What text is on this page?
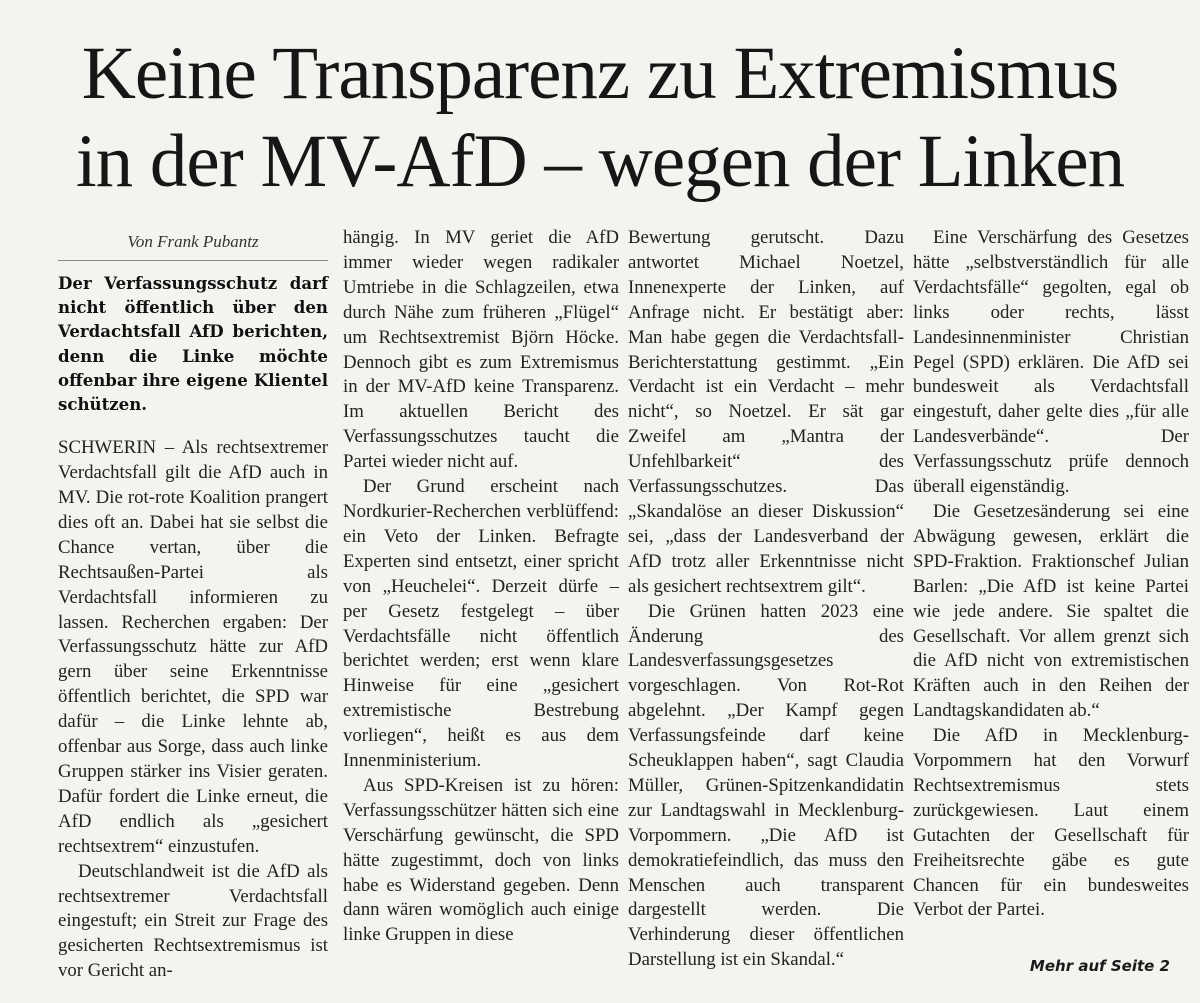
Keine Transparenz zu Extremismus
in der MV-AfD – wegen der Linken
Von Frank Pubantz
Der Verfassungsschutz darf nicht öffentlich über den Verdachtsfall AfD berichten, denn die Linke möchte offenbar ihre eigene Klientel schützen.

SCHWERIN – Als rechtsextremer Verdachtsfall gilt die AfD auch in MV. Die rot-rote Koalition prangert dies oft an. Dabei hat sie selbst die Chance vertan, über die Rechtsaußen-Partei als Verdachtsfall informieren zu lassen. Recherchen ergaben: Der Verfassungsschutz hätte zur AfD gern über seine Erkenntnisse öffentlich berichtet, die SPD war dafür – die Linke lehnte ab, offenbar aus Sorge, dass auch linke Gruppen stärker ins Visier geraten. Dafür fordert die Linke erneut, die AfD endlich als „gesichert rechtsextrem“ einzustufen.

Deutschlandweit ist die AfD als rechtsextremer Verdachtsfall eingestuft; ein Streit zur Frage des gesicherten Rechtsextremismus ist vor Gericht an-

hängig. In MV geriet die AfD immer wieder wegen radikaler Umtriebe in die Schlagzeilen, etwa durch Nähe zum früheren „Flügel“ um Rechtsextremist Björn Höcke. Dennoch gibt es zum Extremismus in der MV-AfD keine Transparenz. Im aktuellen Bericht des Verfassungsschutzes taucht die Partei wieder nicht auf.

Der Grund erscheint nach Nordkurier-Recherchen verblüffend: ein Veto der Linken. Befragte Experten sind entsetzt, einer spricht von „Heuchelei“. Derzeit dürfe – per Gesetz festgelegt – über Verdachtsfälle nicht öffentlich berichtet werden; erst wenn klare Hinweise für eine „gesichert extremistische Bestrebung vorliegen“, heißt es aus dem Innenministerium.

Aus SPD-Kreisen ist zu hören: Verfassungsschützer hätten sich eine Verschärfung gewünscht, die SPD hätte zugestimmt, doch von links habe es Widerstand gegeben. Denn dann wären womöglich auch einige linke Gruppen in diese

Bewertung gerutscht. Dazu antwortet Michael Noetzel, Innenexperte der Linken, auf Anfrage nicht. Er bestätigt aber: Man habe gegen die Verdachtsfall-Berichterstattung gestimmt. „Ein Verdacht ist ein Verdacht – mehr nicht“, so Noetzel. Er sät gar Zweifel am „Mantra der Unfehlbarkeit“ des Verfassungsschutzes. Das „Skandalöse an dieser Diskussion“ sei, „dass der Landesverband der AfD trotz aller Erkenntnisse nicht als gesichert rechtsextrem gilt“.

Die Grünen hatten 2023 eine Änderung des Landesverfassungsgesetzes vorgeschlagen. Von Rot-Rot abgelehnt. „Der Kampf gegen Verfassungsfeinde darf keine Scheuklappen haben“, sagt Claudia Müller, Grünen-Spitzenkandidatin zur Landtagswahl in Mecklenburg-Vorpommern. „Die AfD ist demokratiefeindlich, das muss den Menschen auch transparent dargestellt werden. Die Verhinderung dieser öffentlichen Darstellung ist ein Skandal.“

Eine Verschärfung des Gesetzes hätte „selbstverständlich für alle Verdachtsfälle“ gegolten, egal ob links oder rechts, lässt Landesinnenminister Christian Pegel (SPD) erklären. Die AfD sei bundesweit als Verdachtsfall eingestuft, daher gelte dies „für alle Landesverbände“. Der Verfassungsschutz prüfe dennoch überall eigenständig.

Die Gesetzesänderung sei eine Abwägung gewesen, erklärt die SPD-Fraktion. Fraktionschef Julian Barlen: „Die AfD ist keine Partei wie jede andere. Sie spaltet die Gesellschaft. Vor allem grenzt sich die AfD nicht von extremistischen Kräften auch in den Reihen der Landtagskandidaten ab.“

Die AfD in Mecklenburg-Vorpommern hat den Vorwurf Rechtsextremismus stets zurückgewiesen. Laut einem Gutachten der Gesellschaft für Freiheitsrechte gäbe es gute Chancen für ein bundesweites Verbot der Partei.

Mehr auf Seite 2
